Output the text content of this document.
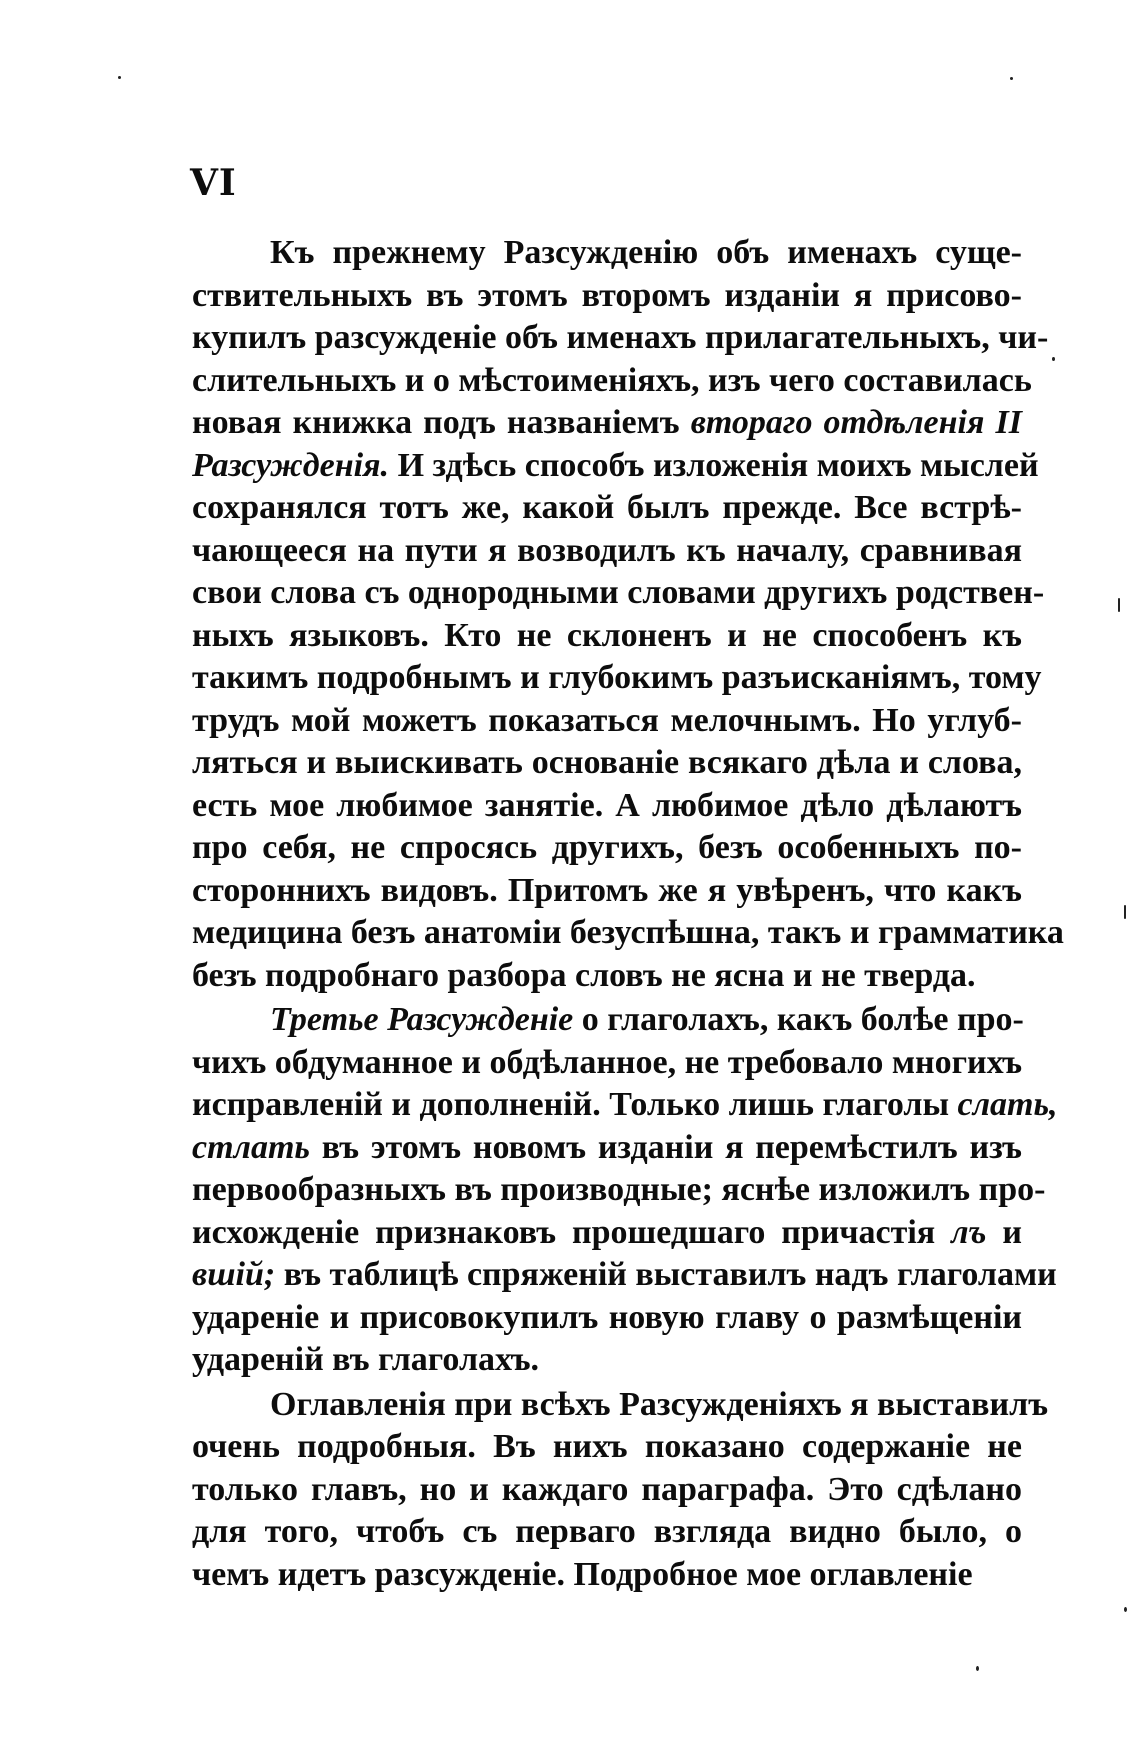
VI
Къ прежнему Разсужденію объ именахъ суще-
ствительныхъ въ этомъ второмъ изданіи я присово-
купилъ разсужденіе объ именахъ прилагательныхъ, чи-
слительныхъ и о мѣстоименіяхъ, изъ чего составилась
новая книжка подъ названіемъ втораго отдѣленія II
Разсужденія. И здѣсь способъ изложенія моихъ мыслей
сохранялся тотъ же, какой былъ прежде. Все встрѣ-
чающееся на пути я возводилъ къ началу, сравнивая
свои слова съ однородными словами другихъ родствен-
ныхъ языковъ. Кто не склоненъ и не способенъ къ
такимъ подробнымъ и глубокимъ разъисканіямъ, тому
трудъ мой можетъ показаться мелочнымъ. Но углуб-
ляться и выискивать основаніе всякаго дѣла и слова,
есть мое любимое занятіе. А любимое дѣло дѣлаютъ
про себя, не спросясь другихъ, безъ особенныхъ по-
стороннихъ видовъ. Притомъ же я увѣренъ, что какъ
медицина безъ анатоміи безуспѣшна, такъ и грамматика
безъ подробнаго разбора словъ не ясна и не тверда.
Третье Разсужденіе о глаголахъ, какъ болѣе про-
чихъ обдуманное и обдѣланное, не требовало многихъ
исправленій и дополненій. Только лишь глаголы слать,
стлать въ этомъ новомъ изданіи я перемѣстилъ изъ
первообразныхъ въ производные; яснѣе изложилъ про-
исхожденіе признаковъ прошедшаго причастія лъ и
вшій; въ таблицѣ спряженій выставилъ надъ глаголами
удареніе и присовокупилъ новую главу о размѣщеніи
удареній въ глаголахъ.
Оглавленія при всѣхъ Разсужденіяхъ я выставилъ
очень подробныя. Въ нихъ показано содержаніе не
только главъ, но и каждаго параграфа. Это сдѣлано
для того, чтобъ съ перваго взгляда видно было, о
чемъ идетъ разсужденіе. Подробное мое оглавленіе
